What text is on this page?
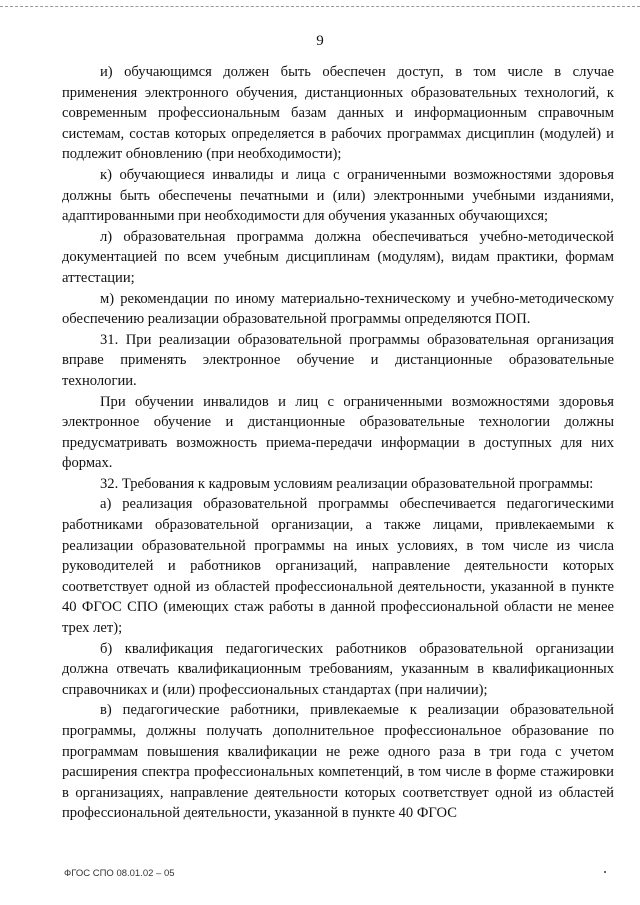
9

и) обучающимся должен быть обеспечен доступ, в том числе в случае применения электронного обучения, дистанционных образовательных технологий, к современным профессиональным базам данных и информационным справочным системам, состав которых определяется в рабочих программах дисциплин (модулей) и подлежит обновлению (при необходимости);

к) обучающиеся инвалиды и лица с ограниченными возможностями здоровья должны быть обеспечены печатными и (или) электронными учебными изданиями, адаптированными при необходимости для обучения указанных обучающихся;

л) образовательная программа должна обеспечиваться учебно-методической документацией по всем учебным дисциплинам (модулям), видам практики, формам аттестации;

м) рекомендации по иному материально-техническому и учебно-методическому обеспечению реализации образовательной программы определяются ПОП.

31. При реализации образовательной программы образовательная организация вправе применять электронное обучение и дистанционные образовательные технологии.

При обучении инвалидов и лиц с ограниченными возможностями здоровья электронное обучение и дистанционные образовательные технологии должны предусматривать возможность приема-передачи информации в доступных для них формах.

32. Требования к кадровым условиям реализации образовательной программы:

а) реализация образовательной программы обеспечивается педагогическими работниками образовательной организации, а также лицами, привлекаемыми к реализации образовательной программы на иных условиях, в том числе из числа руководителей и работников организаций, направление деятельности которых соответствует одной из областей профессиональной деятельности, указанной в пункте 40 ФГОС СПО (имеющих стаж работы в данной профессиональной области не менее трех лет);

б) квалификация педагогических работников образовательной организации должна отвечать квалификационным требованиям, указанным в квалификационных справочниках и (или) профессиональных стандартах (при наличии);

в) педагогические работники, привлекаемые к реализации образовательной программы, должны получать дополнительное профессиональное образование по программам повышения квалификации не реже одного раза в три года с учетом расширения спектра профессиональных компетенций, в том числе в форме стажировки в организациях, направление деятельности которых соответствует одной из областей профессиональной деятельности, указанной в пункте 40 ФГОС

ФГОС СПО 08.01.02 – 05
